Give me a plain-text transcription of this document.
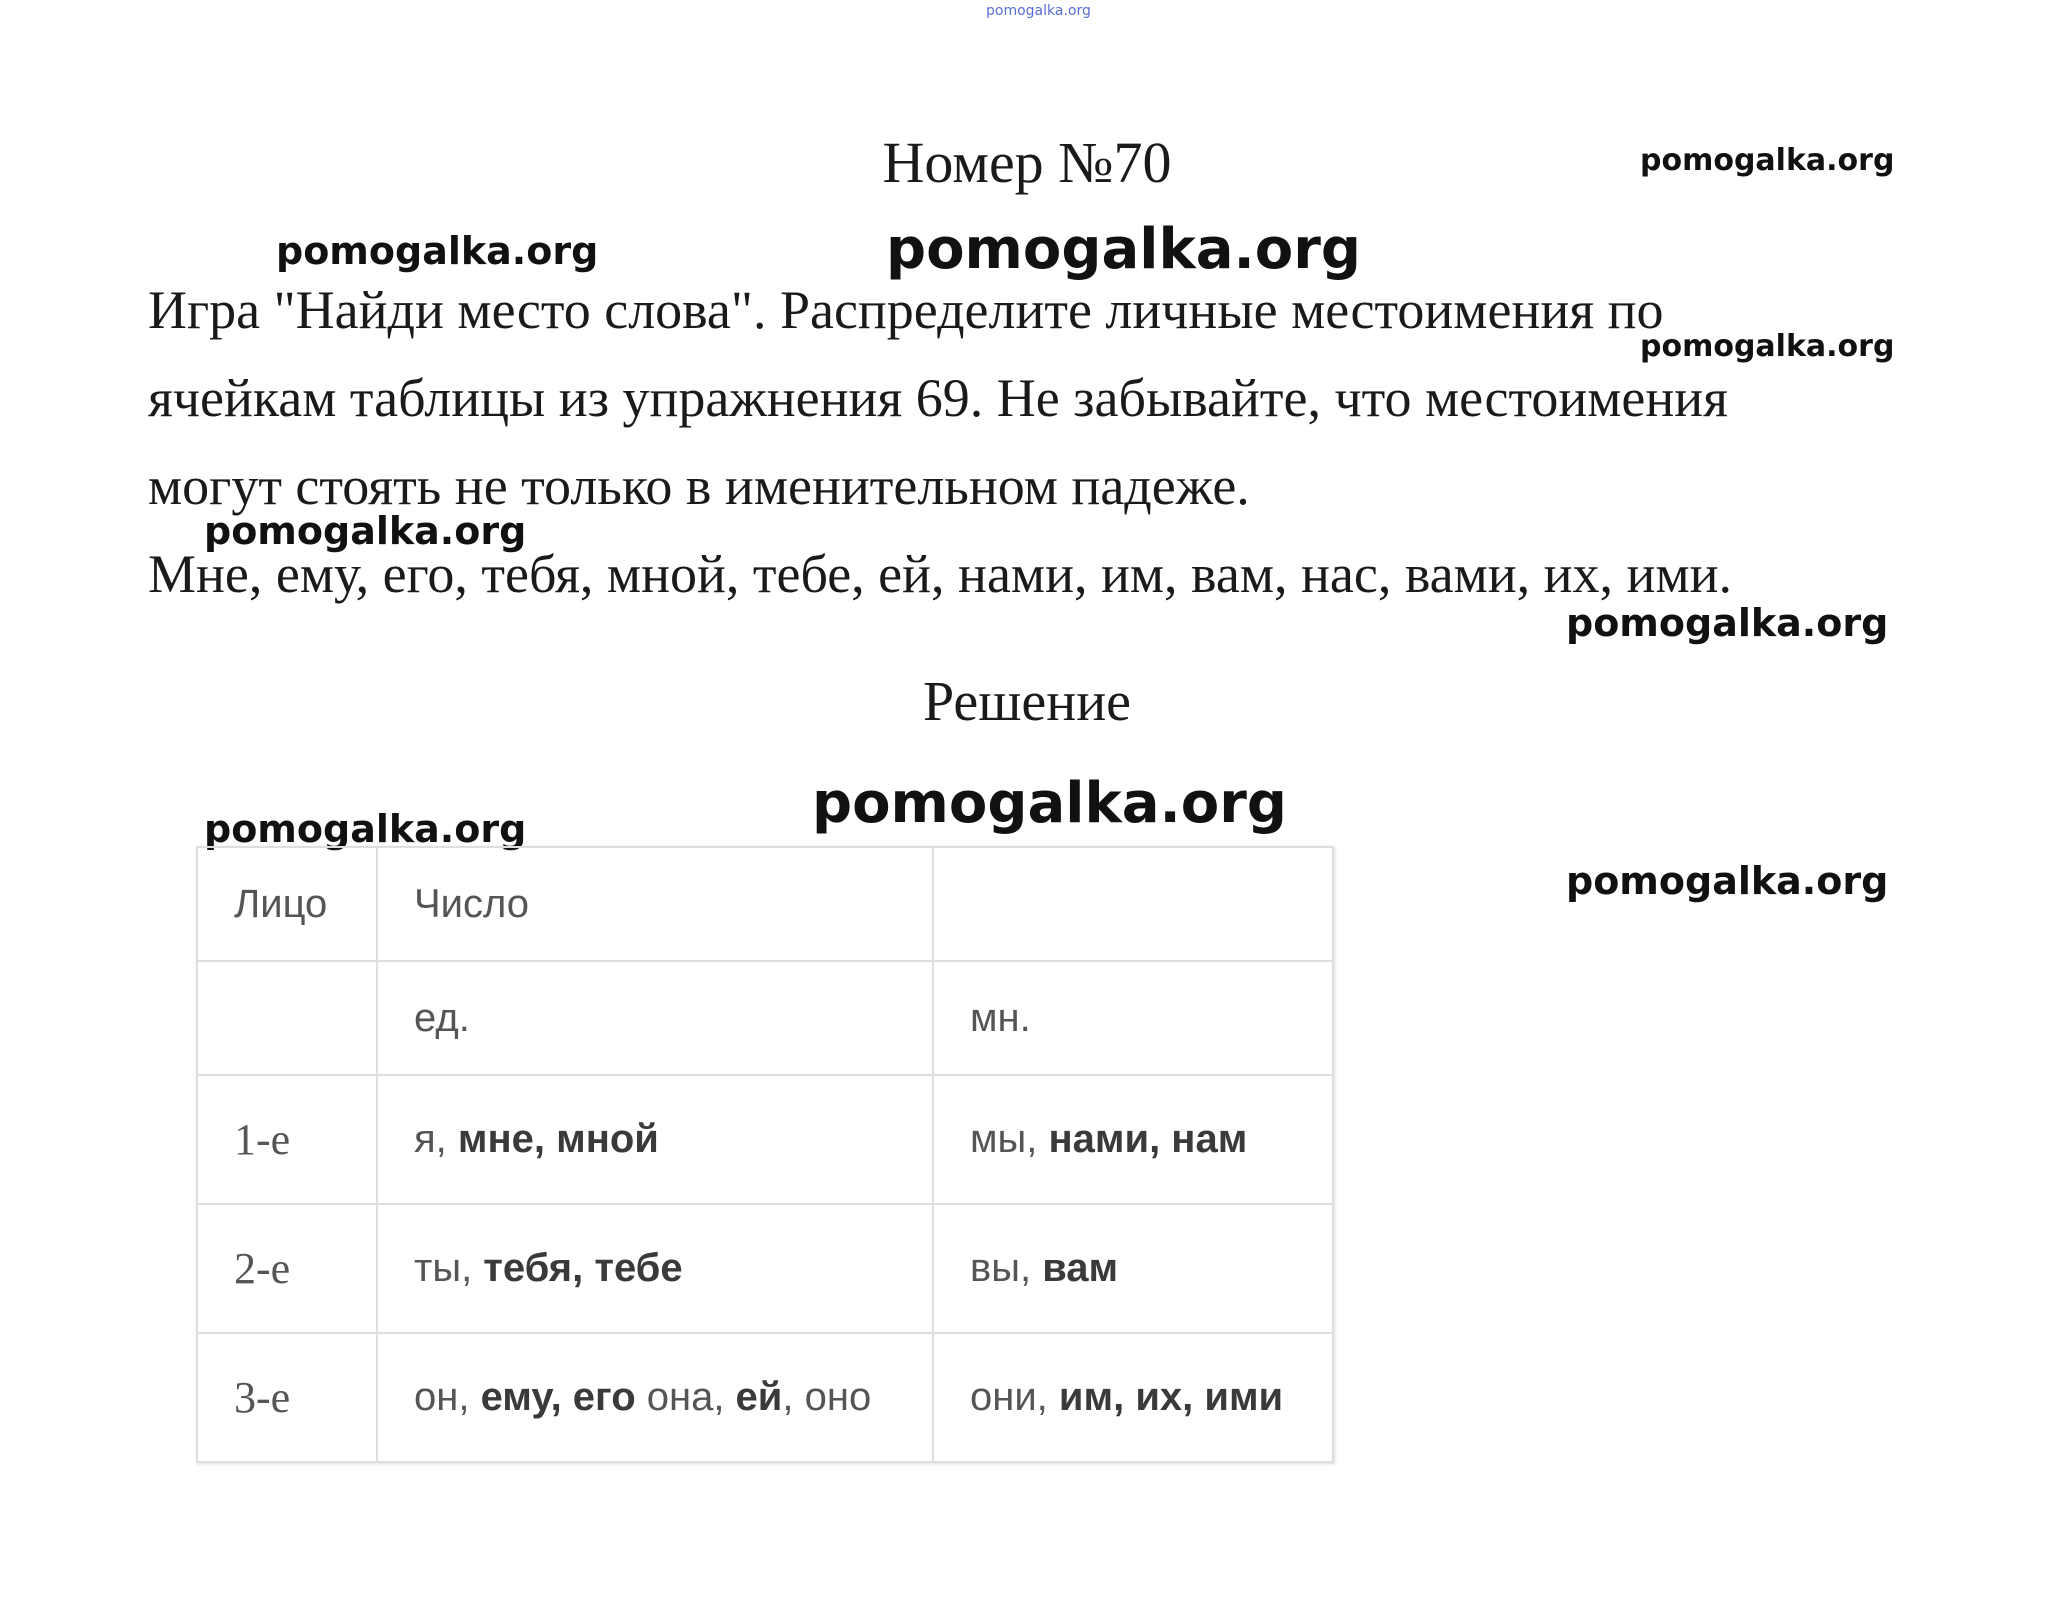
pomogalka.org
pomogalka.org
pomogalka.org	pomogalka.org
pomogalka.org
pomogalka.org
pomogalka.org
pomogalka.org
pomogalka.org
pomogalka.org
Номер №70

Игра "Найди место слова". Распределите личные местоимения по

ячейкам таблицы из упражнения 69. Не забывайте, что местоимения

могут стоять не только в именительном падеже.

Мне, ему, его, тебя, мной, тебе, ей, нами, им, вам, нас, вами, их, ими.

Решение
Лицо	Число	
	ед.	мн.
1-е	я, мне, мной	мы, нами, нам
2-е	ты, тебя, тебе	вы, вам
3-е	он, ему, его она, ей, оно	они, им, их, ими
